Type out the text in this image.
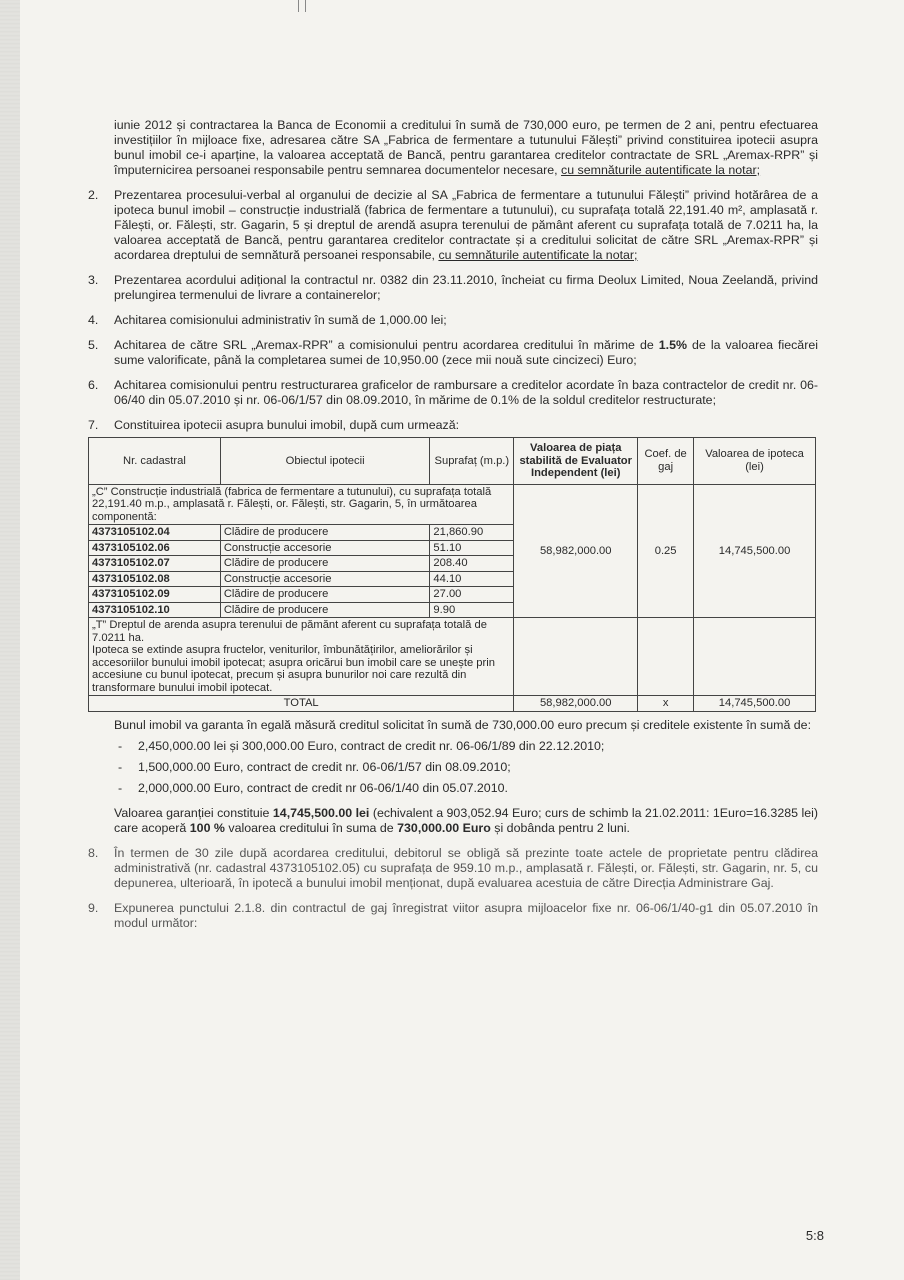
iunie 2012 și contractarea la Banca de Economii a creditului în sumă de 730,000 euro, pe termen de 2 ani, pentru efectuarea investițiilor în mijloace fixe, adresarea către SA „Fabrica de fermentare a tutunului Fălești” privind constituirea ipotecii asupra bunul imobil ce-i aparține, la valoarea acceptată de Bancă, pentru garantarea creditelor contractate de SRL „Aremax-RPR” și împuternicirea persoanei responsabile pentru semnarea documentelor necesare, cu semnăturile autentificate la notar;

2. Prezentarea procesului-verbal al organului de decizie al SA „Fabrica de fermentare a tutunului Fălești” privind hotărârea de a ipoteca bunul imobil – construcție industrială (fabrica de fermentare a tutunului), cu suprafața totală 22,191.40 m², amplasată r. Fălești, or. Fălești, str. Gagarin, 5 și dreptul de arendă asupra terenului de pământ aferent cu suprafața totală de 7.0211 ha, la valoarea acceptată de Bancă, pentru garantarea creditelor contractate și a creditului solicitat de către SRL „Aremax-RPR” și acordarea dreptului de semnătură persoanei responsabile, cu semnăturile autentificate la notar;

3. Prezentarea acordului adițional la contractul nr. 0382 din 23.11.2010, încheiat cu firma Deolux Limited, Noua Zeelandă, privind prelungirea termenului de livrare a containerelor;

4. Achitarea comisionului administrativ în sumă de 1,000.00 lei;

5. Achitarea de către SRL „Aremax-RPR” a comisionului pentru acordarea creditului în mărime de 1.5% de la valoarea fiecărei sume valorificate, până la completarea sumei de 10,950.00 (zece mii nouă sute cincizeci) Euro;

6. Achitarea comisionului pentru restructurarea graficelor de rambursare a creditelor acordate în baza contractelor de credit nr. 06-06/40 din 05.07.2010 și nr. 06-06/1/57 din 08.09.2010, în mărime de 0.1% de la soldul creditelor restructurate;

7. Constituirea ipotecii asupra bunului imobil, după cum urmează:

Nr. cadastral	Obiectul ipotecii	Suprafaț (m.p.)	Valoarea de piața stabilită de Evaluator Independent (lei)	Coef. de gaj	Valoarea de ipoteca (lei)
„C” Construcție industrială (fabrica de fermentare a tutunului), cu suprafața totală 22,191.40 m.p., amplasată r. Fălești, or. Fălești, str. Gagarin, 5, în următoarea componentă:			58,982,000.00	0.25	14,745,500.00
4373105102.04	Clădire de producere	21,860.90			
4373105102.06	Construcție accesorie	51.10			
4373105102.07	Clădire de producere	208.40			
4373105102.08	Construcție accesorie	44.10			
4373105102.09	Clădire de producere	27.00			
4373105102.10	Clădire de producere	9.90			
„T” Dreptul de arenda asupra terenului de pămănt aferent cu suprafața totală de 7.0211 ha.
Ipoteca se extinde asupra fructelor, veniturilor, îmbunătățirilor, ameliorărilor și accesoriilor bunului imobil ipotecat; asupra oricărui bun imobil care se unește prin accesiune cu bunul ipotecat, precum și asupra bunurilor noi care rezultă din transformare bunului imobil ipotecat.					
TOTAL			58,982,000.00	x	14,745,500.00

Bunul imobil va garanta în egală măsură creditul solicitat în sumă de 730,000.00 euro precum și creditele existente în sumă de:

- 2,450,000.00 lei și 300,000.00 Euro, contract de credit nr. 06-06/1/89 din 22.12.2010;

- 1,500,000.00 Euro, contract de credit nr. 06-06/1/57 din 08.09.2010;

- 2,000,000.00 Euro, contract de credit nr 06-06/1/40 din 05.07.2010.

Valoarea garanției constituie 14,745,500.00 lei (echivalent a 903,052.94 Euro; curs de schimb la 21.02.2011: 1Euro=16.3285 lei) care acoperă 100 % valoarea creditului în suma de 730,000.00 Euro și dobânda pentru 2 luni.

8. În termen de 30 zile după acordarea creditului, debitorul se obligă să prezinte toate actele de proprietate pentru clădirea administrativă (nr. cadastral 4373105102.05) cu suprafața de 959.10 m.p., amplasată r. Fălești, or. Fălești, str. Gagarin, nr. 5, cu depunerea, ulterioară, în ipotecă a bunului imobil menționat, după evaluarea acestuia de către Direcția Administrare Gaj.

9. Expunerea punctului 2.1.8. din contractul de gaj înregistrat viitor asupra mijloacelor fixe nr. 06-06/1/40-g1 din 05.07.2010 în modul următor:

5:8
